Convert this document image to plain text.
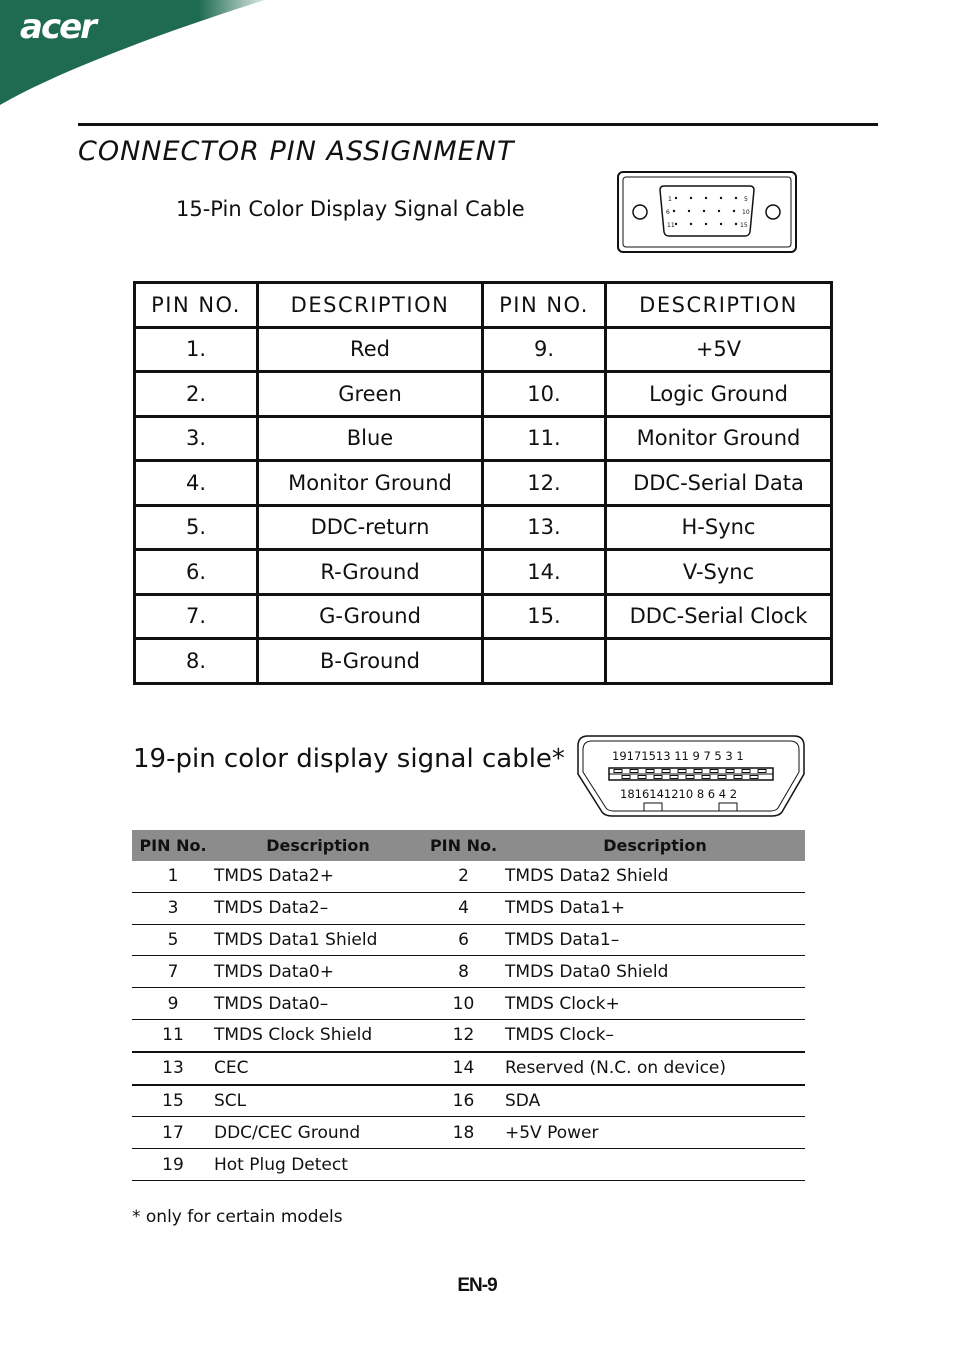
acer
CONNECTOR PIN ASSIGNMENT
15-Pin Color Display Signal Cable	1	5
6	10
11	15
PIN NO.	DESCRIPTION	PIN NO.	DESCRIPTION
1.	Red	9.	+5V
2.	Green	10.	Logic Ground
3.	Blue	11.	Monitor Ground
4.	Monitor Ground	12.	DDC-Serial Data
5.	DDC-return	13.	H-Sync
6.	R-Ground	14.	V-Sync
7.	G-Ground	15.	DDC-Serial Clock
8.	B-Ground		
19-pin color display signal cable*	19171513 11 9 7 5 3 1
1816141210 8 6 4 2
PIN No.	Description	PIN No.	Description
1	TMDS Data2+	2	TMDS Data2 Shield
3	TMDS Data2–	4	TMDS Data1+
5	TMDS Data1 Shield	6	TMDS Data1–
7	TMDS Data0+	8	TMDS Data0 Shield
9	TMDS Data0–	10	TMDS Clock+
11	TMDS Clock Shield	12	TMDS Clock–
13	CEC	14	Reserved (N.C. on device)
15	SCL	16	SDA
17	DDC/CEC Ground	18	+5V Power
19	Hot Plug Detect		
* only for certain models
EN-9
